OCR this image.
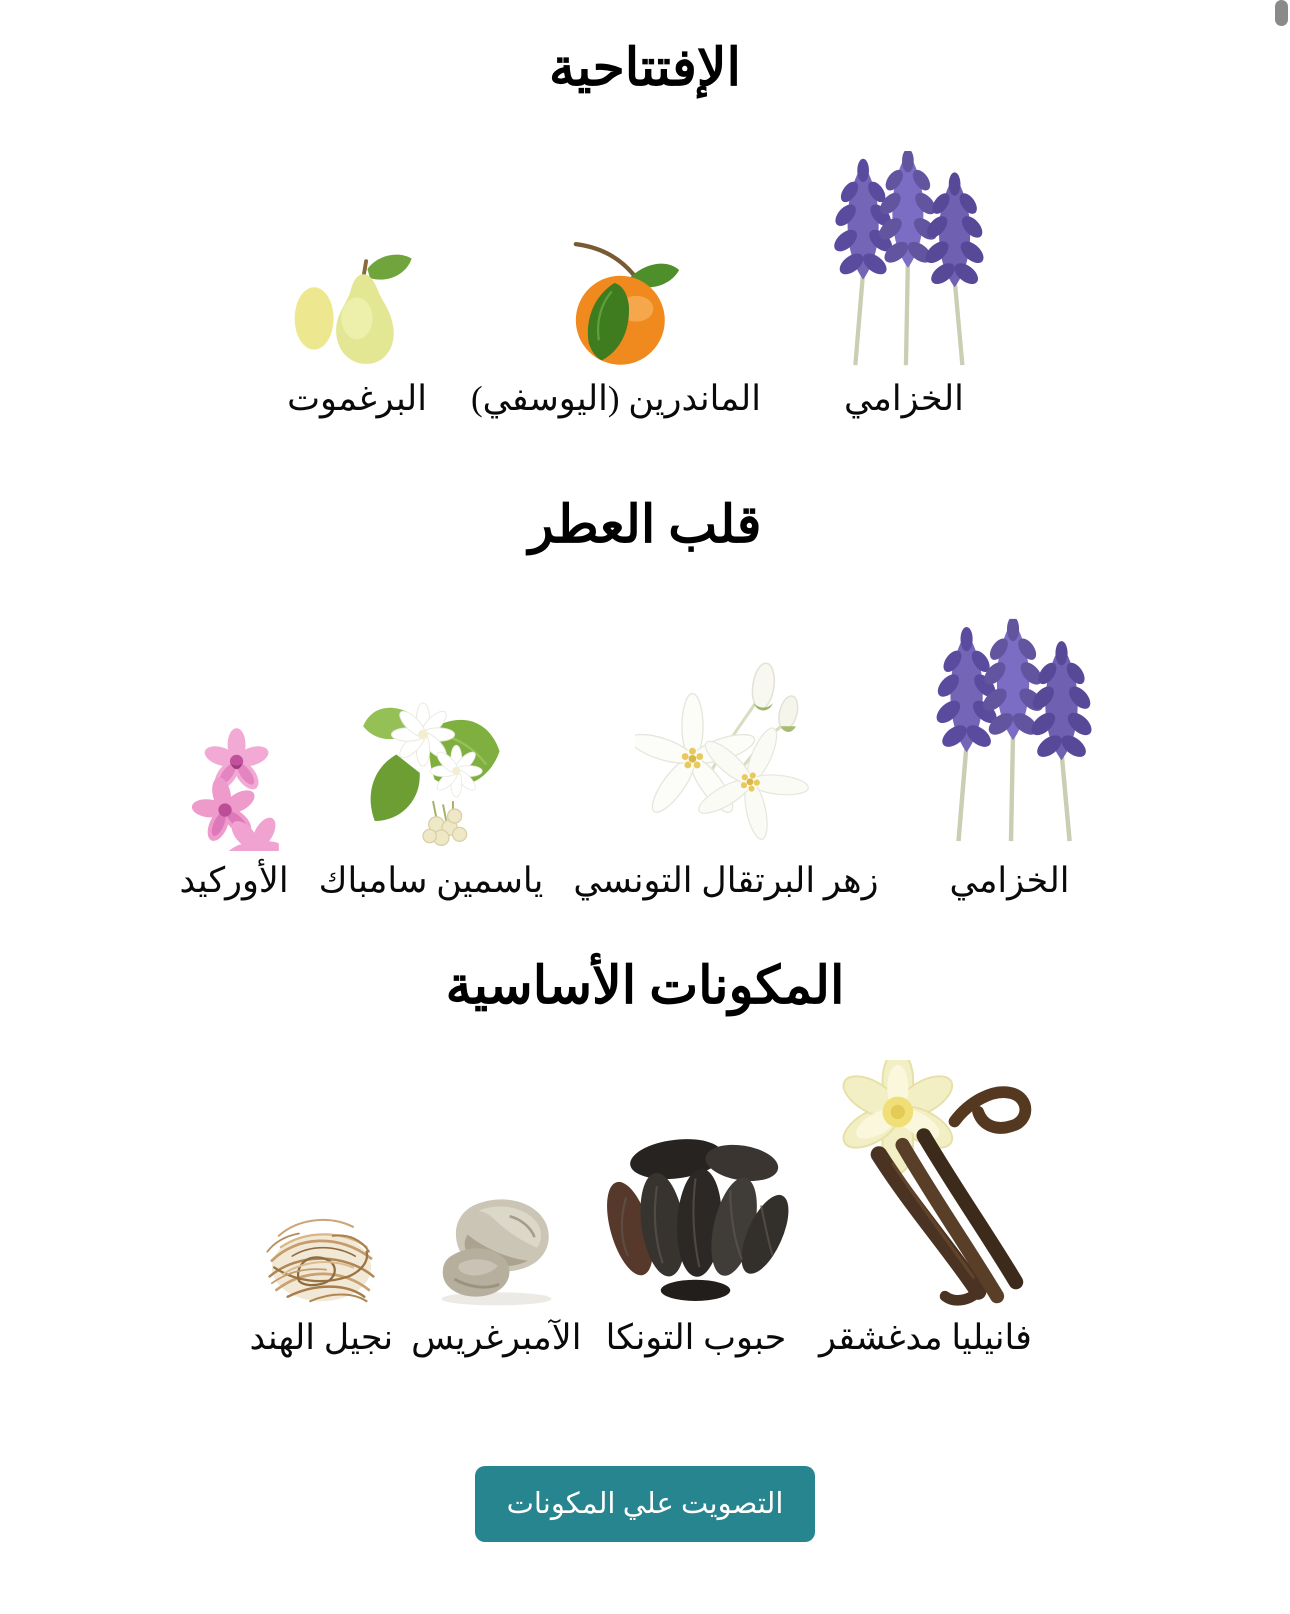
الإفتتاحية
الخزامي
الماندرين (اليوسفي)
البرغموت
قلب العطر
الخزامي
زهر البرتقال التونسي
ياسمين سامباك
الأوركيد
المكونات الأساسية
فانيليا مدغشقر
حبوب التونكا
الآمبرغريس
نجيل الهند
التصويت علي المكونات
